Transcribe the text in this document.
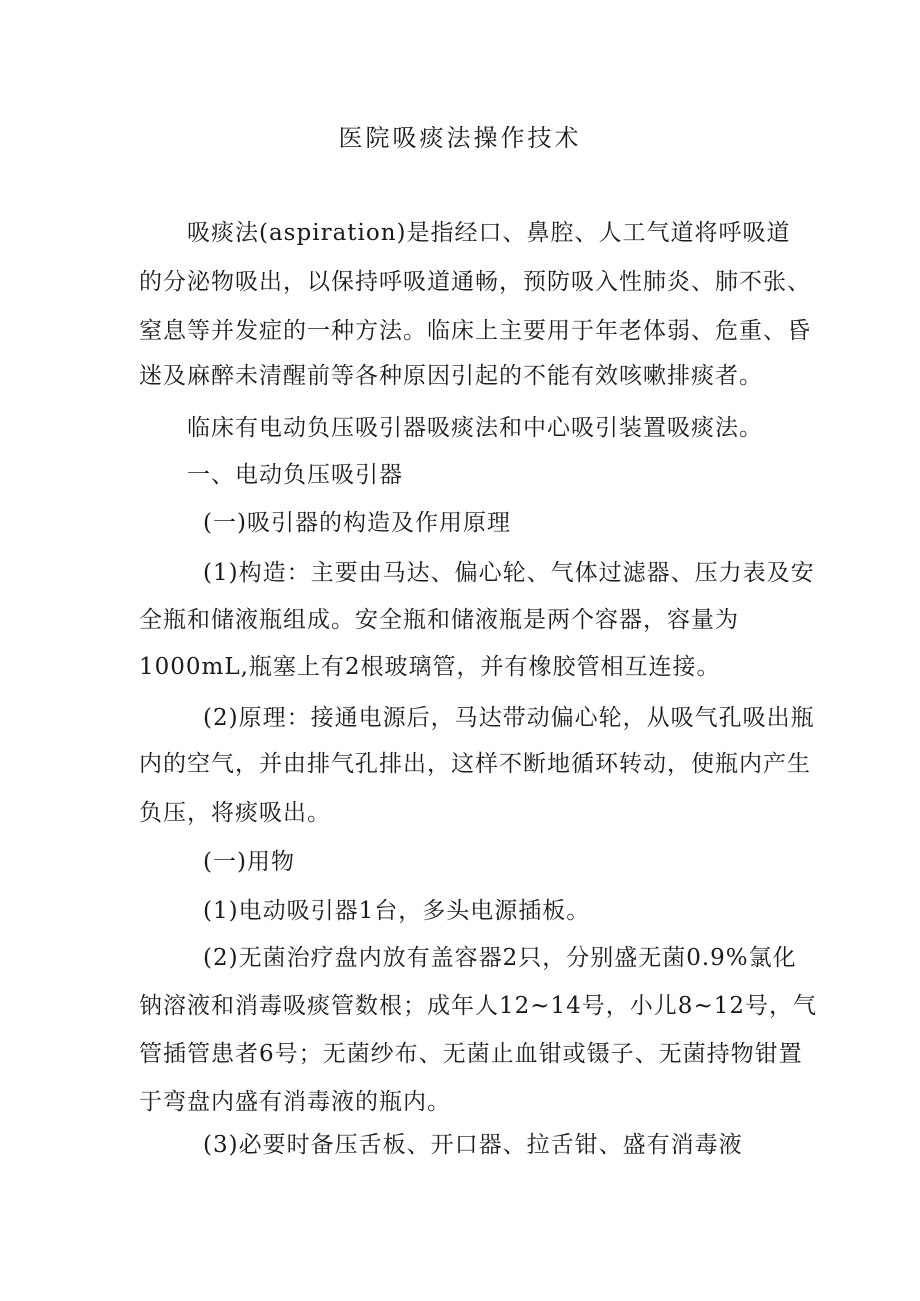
医院吸痰法操作技术
吸痰法(aspiration)是指经口、鼻腔、人工气道将呼吸道
的分泌物吸出，以保持呼吸道通畅，预防吸入性肺炎、肺不张、
窒息等并发症的一种方法。临床上主要用于年老体弱、危重、昏
迷及麻醉未清醒前等各种原因引起的不能有效咳嗽排痰者。
临床有电动负压吸引器吸痰法和中心吸引装置吸痰法。
一、电动负压吸引器
(一)吸引器的构造及作用原理
(1)构造：主要由马达、偏心轮、气体过滤器、压力表及安
全瓶和储液瓶组成。安全瓶和储液瓶是两个容器，容量为
1000mL,瓶塞上有2根玻璃管，并有橡胶管相互连接。
(2)原理：接通电源后，马达带动偏心轮，从吸气孔吸出瓶
内的空气，并由排气孔排出，这样不断地循环转动，使瓶内产生
负压，将痰吸出。
(一)用物
(1)电动吸引器1台，多头电源插板。
(2)无菌治疗盘内放有盖容器2只，分别盛无菌0.9%氯化
钠溶液和消毒吸痰管数根；成年人12~14号，小儿8~12号，气
管插管患者6号；无菌纱布、无菌止血钳或镊子、无菌持物钳置
于弯盘内盛有消毒液的瓶内。
(3)必要时备压舌板、开口器、拉舌钳、盛有消毒液
